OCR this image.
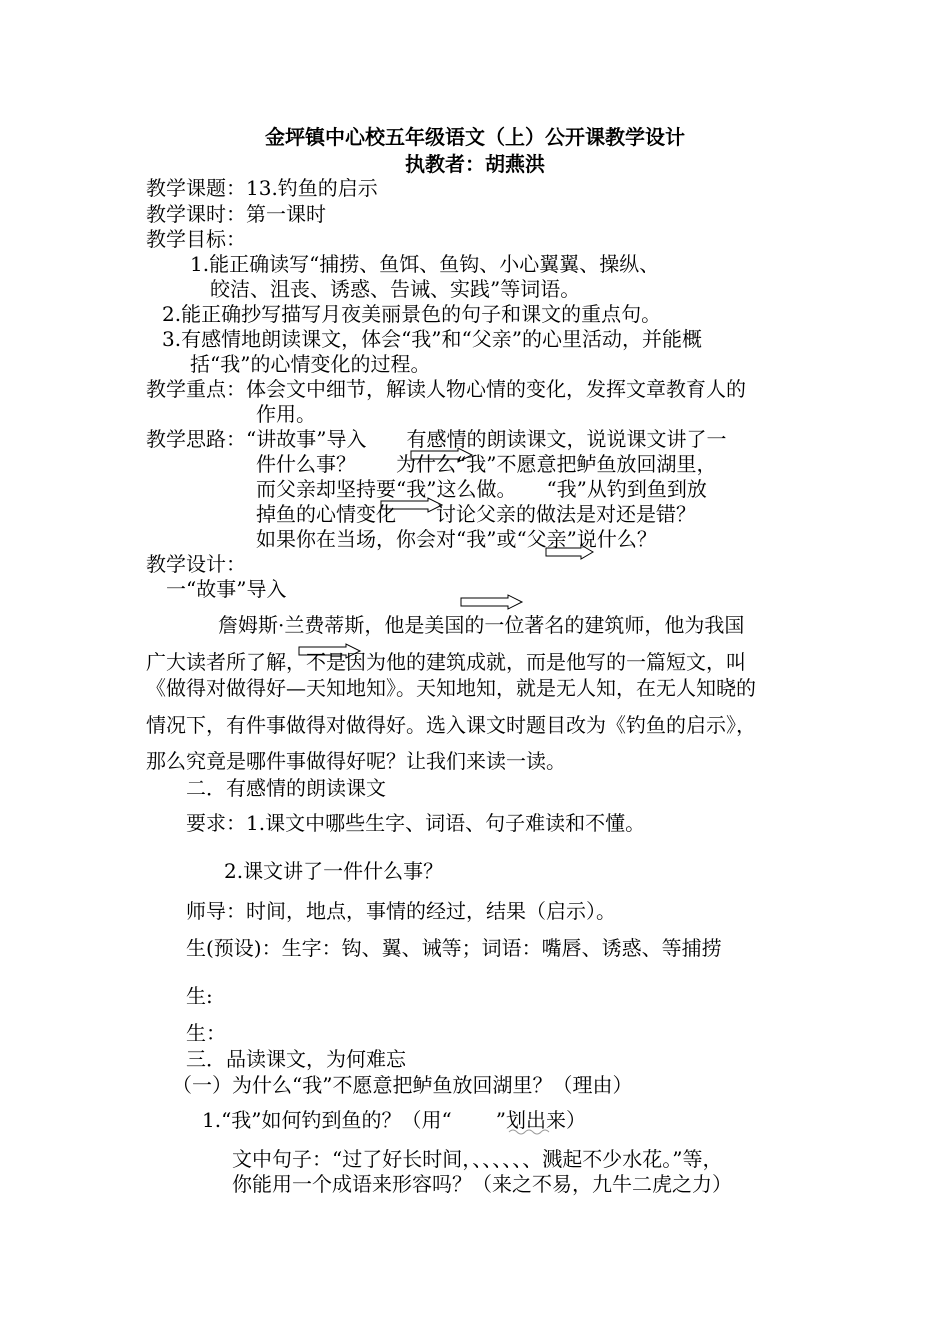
金坪镇中心校五年级语文（上）公开课教学设计
执教者：胡燕洪
教学课题：13.钓鱼的启示
教学课时：第一课时
教学目标：
1.能正确读写“捕捞、鱼饵、鱼钩、小心翼翼、操纵、
皎洁、沮丧、诱惑、告诫、实践”等词语。
2.能正确抄写描写月夜美丽景色的句子和课文的重点句。
3.有感情地朗读课文，体会“我”和“父亲”的心里活动，并能概
括“我”的心情变化的过程。
教学重点：体会文中细节，解读人物心情的变化，发挥文章教育人的
作用。
教学思路：“讲故事”导入　　有感情的朗读课文，说说课文讲了一
件什么事？　　为什么“我”不愿意把鲈鱼放回湖里，
而父亲却坚持要“我”这么做。　　“我”从钓到鱼到放
掉鱼的心情变化　　讨论父亲的做法是对还是错？
如果你在当场，你会对“我”或“父亲”说什么？
教学设计：
一“故事”导入
詹姆斯·兰费蒂斯，他是美国的一位著名的建筑师，他为我国
广大读者所了解，不是因为他的建筑成就，而是他写的一篇短文，叫
《做得对做得好—天知地知》。天知地知，就是无人知，在无人知晓的
情况下，有件事做得对做得好。选入课文时题目改为《钓鱼的启示》，
那么究竟是哪件事做得好呢？让我们来读一读。
二．有感情的朗读课文
要求：1.课文中哪些生字、词语、句子难读和不懂。
2.课文讲了一件什么事？
师导：时间，地点，事情的经过，结果（启示）。
生(预设)：生字：钩、翼、诫等；词语：嘴唇、诱惑、等捕捞
生:
生：
三．品读课文，为何难忘
（一）为什么“我”不愿意把鲈鱼放回湖里？（理由）
1.“我”如何钓到鱼的？（用“ ”划出来）
文中句子：“过了好长时间，、、、、、、溅起不少水花。”等，
你能用一个成语来形容吗？（来之不易，九牛二虎之力）
